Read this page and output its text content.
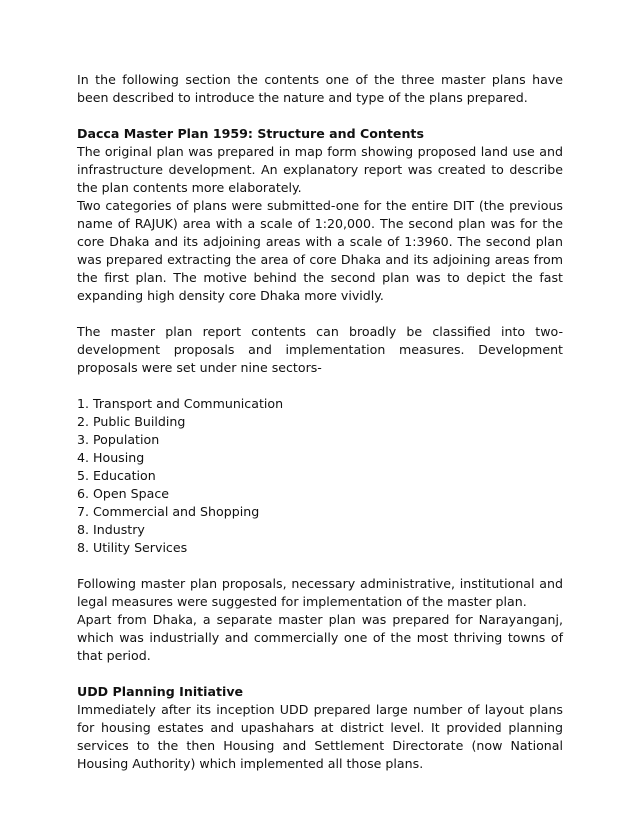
In the following section the contents one of the three master plans have been described to introduce the nature and type of the plans prepared.

Dacca Master Plan 1959: Structure and Contents

The original plan was prepared in map form showing proposed land use and infrastructure development. An explanatory report was created to describe the plan contents more elaborately.

Two categories of plans were submitted-one for the entire DIT (the previous name of RAJUK) area with a scale of 1:20,000. The second plan was for the core Dhaka and its adjoining areas with a scale of 1:3960. The second plan was prepared extracting the area of core Dhaka and its adjoining areas from the first plan. The motive behind the second plan was to depict the fast expanding high density core Dhaka more vividly.

The master plan report contents can broadly be classified into two-development proposals and implementation measures. Development proposals were set under nine sectors-

1. Transport and Communication
2. Public Building
3. Population
4. Housing
5. Education
6. Open Space
7. Commercial and Shopping
8. Industry
8. Utility Services

Following master plan proposals, necessary administrative, institutional and legal measures were suggested for implementation of the master plan.

Apart from Dhaka, a separate master plan was prepared for Narayanganj, which was industrially and commercially one of the most thriving towns of that period.

UDD Planning Initiative

Immediately after its inception UDD prepared large number of layout plans for housing estates and upashahars at district level. It provided planning services to the then Housing and Settlement Directorate (now National Housing Authority) which implemented all those plans.
